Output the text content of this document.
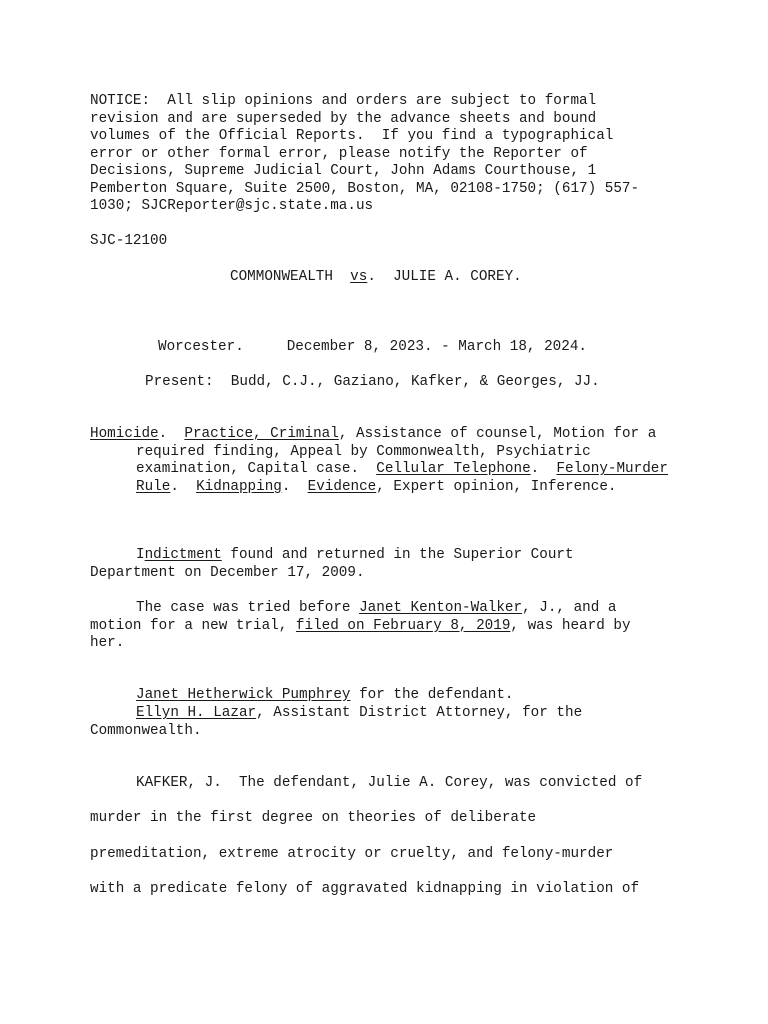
NOTICE:  All slip opinions and orders are subject to formal
revision and are superseded by the advance sheets and bound
volumes of the Official Reports.  If you find a typographical
error or other formal error, please notify the Reporter of
Decisions, Supreme Judicial Court, John Adams Courthouse, 1
Pemberton Square, Suite 2500, Boston, MA, 02108-1750; (617) 557-
1030; SJCReporter@sjc.state.ma.us
SJC-12100
COMMONWEALTH vs.  JULIE A. COREY.
Worcester.	December 8, 2023. - March 18, 2024.
Present:  Budd, C.J., Gaziano, Kafker, & Georges, JJ.
Homicide.  Practice, Criminal, Assistance of counsel, Motion for a
required finding, Appeal by Commonwealth, Psychiatric
examination, Capital case.  Cellular Telephone.  Felony-Murder
Rule.  Kidnapping.  Evidence, Expert opinion, Inference.
Indictment found and returned in the Superior Court
Department on December 17, 2009.
The case was tried before Janet Kenton-Walker, J., and a
motion for a new trial, filed on February 8, 2019, was heard by
her.
Janet Hetherwick Pumphrey for the defendant.
Ellyn H. Lazar, Assistant District Attorney, for the
Commonwealth.
KAFKER, J.  The defendant, Julie A. Corey, was convicted of
murder in the first degree on theories of deliberate
premeditation, extreme atrocity or cruelty, and felony-murder
with a predicate felony of aggravated kidnapping in violation of
